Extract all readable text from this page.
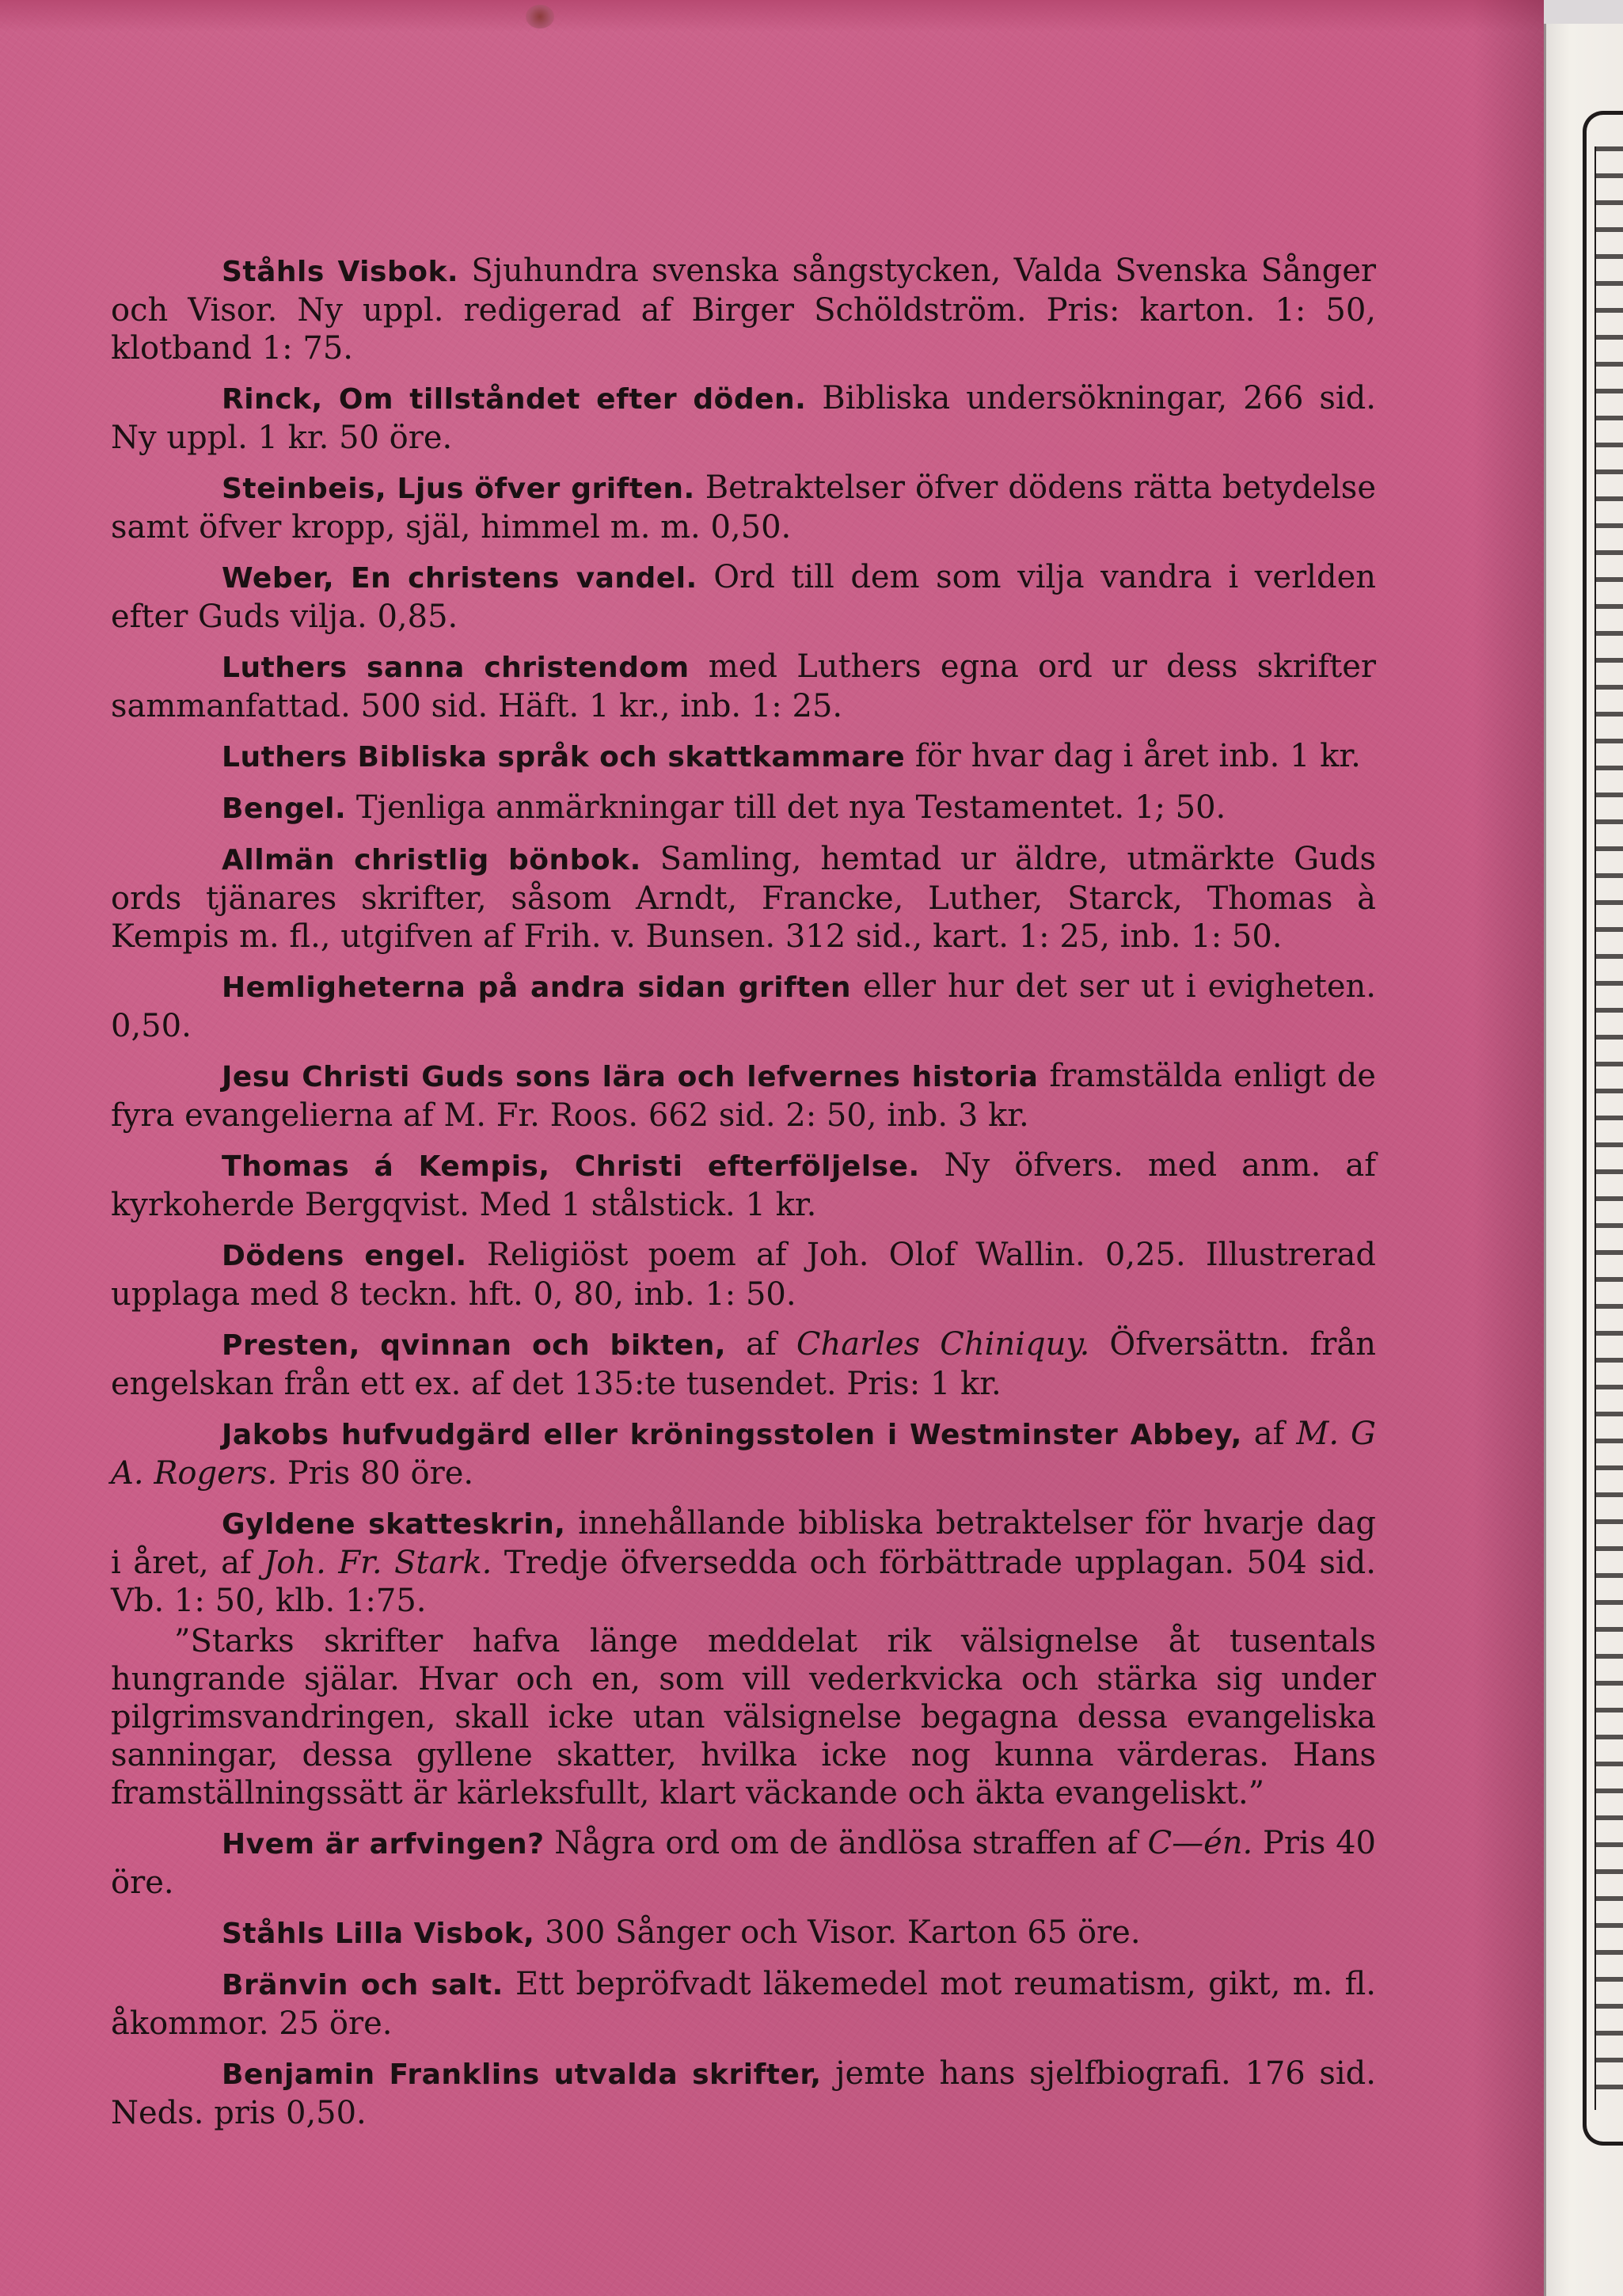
Ståhls Visbok. Sjuhundra svenska sångstycken, Valda Svenska Sånger och Visor. Ny uppl. redigerad af Birger Schöldström. Pris: karton. 1: 50, klotband 1: 75.

Rinck, Om tillståndet efter döden. Bibliska undersökningar, 266 sid. Ny uppl. 1 kr. 50 öre.

Steinbeis, Ljus öfver griften. Betraktelser öfver dödens rätta betydelse samt öfver kropp, själ, himmel m. m. 0,50.

Weber, En christens vandel. Ord till dem som vilja vandra i verlden efter Guds vilja. 0,85.

Luthers sanna christendom med Luthers egna ord ur dess skrifter sammanfattad. 500 sid. Häft. 1 kr., inb. 1: 25.

Luthers Bibliska språk och skattkammare för hvar dag i året inb. 1 kr.

Bengel. Tjenliga anmärkningar till det nya Testamentet. 1; 50.

Allmän christlig bönbok. Samling, hemtad ur äldre, utmärkte Guds ords tjänares skrifter, såsom Arndt, Francke, Luther, Starck, Thomas à Kempis m. fl., utgifven af Frih. v. Bunsen. 312 sid., kart. 1: 25, inb. 1: 50.

Hemligheterna på andra sidan griften eller hur det ser ut i evigheten. 0,50.

Jesu Christi Guds sons lära och lefvernes historia framstälda enligt de fyra evangelierna af M. Fr. Roos. 662 sid. 2: 50, inb. 3 kr.

Thomas á Kempis, Christi efterföljelse. Ny öfvers. med anm. af kyrkoherde Bergqvist. Med 1 stålstick. 1 kr.

Dödens engel. Religiöst poem af Joh. Olof Wallin. 0,25. Illustrerad upplaga med 8 teckn. hft. 0, 80, inb. 1: 50.

Presten, qvinnan och bikten, af Charles Chiniquy. Öfversättn. från engelskan från ett ex. af det 135:te tusendet. Pris: 1 kr.

Jakobs hufvudgärd eller kröningsstolen i Westminster Abbey, af M. G A. Rogers. Pris 80 öre.

Gyldene skatteskrin, innehållande bibliska betraktelser för hvarje dag i året, af Joh. Fr. Stark. Tredje öfversedda och förbättrade upplagan. 504 sid. Vb. 1: 50, klb. 1:75.

”Starks skrifter hafva länge meddelat rik välsignelse åt tusentals hungrande själar. Hvar och en, som vill vederkvicka och stärka sig under pilgrimsvandringen, skall icke utan välsignelse begagna dessa evangeliska sanningar, dessa gyllene skatter, hvilka icke nog kunna värderas. Hans framställningssätt är kärleksfullt, klart väckande och äkta evangeliskt.”

Hvem är arfvingen? Några ord om de ändlösa straffen af C—én. Pris 40 öre.

Ståhls Lilla Visbok, 300 Sånger och Visor. Karton 65 öre.

Bränvin och salt. Ett bepröfvadt läkemedel mot reumatism, gikt, m. fl. åkommor. 25 öre.

Benjamin Franklins utvalda skrifter, jemte hans sjelfbiografi. 176 sid. Neds. pris 0,50.
